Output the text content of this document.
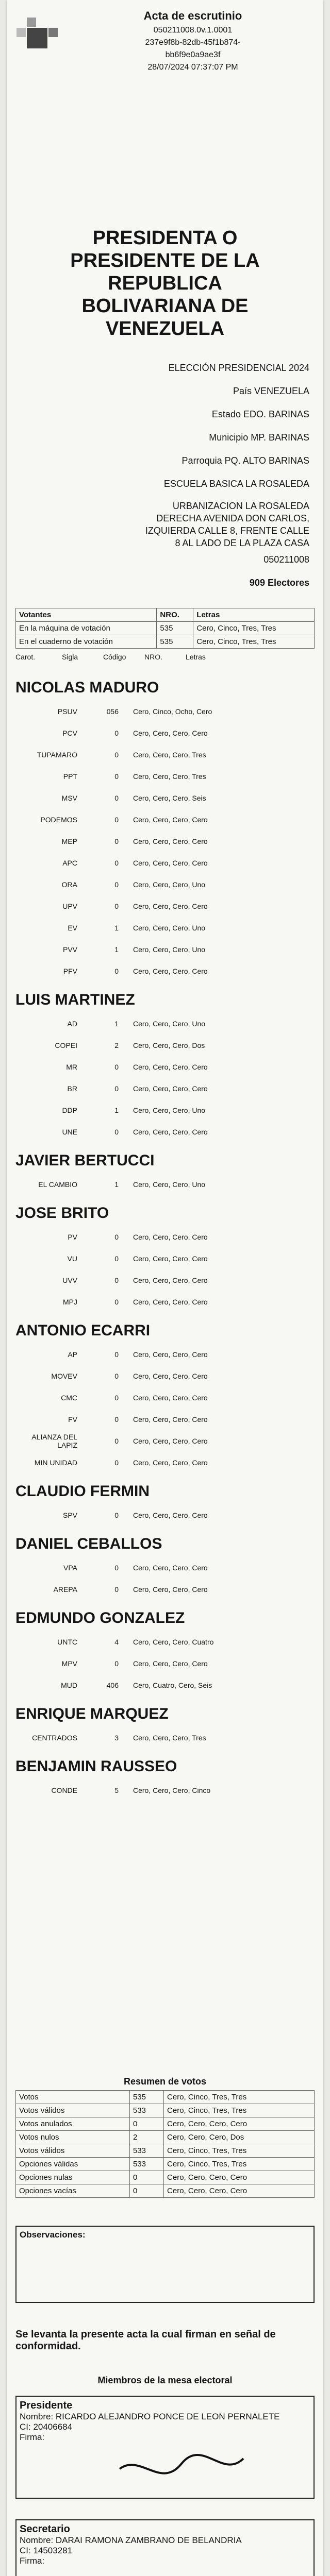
Acta de escrutinio
050211008.0v.1.0001
237e9f8b-82db-45f1b874-
bb6f9e0a9ae3f
28/07/2024 07:37:07 PM
PRESIDENTA O
PRESIDENTE DE LA
REPUBLICA
BOLIVARIANA DE
VENEZUELA
ELECCIÓN PRESIDENCIAL 2024
País VENEZUELA
Estado EDO. BARINAS
Municipio MP. BARINAS
Parroquia PQ. ALTO BARINAS
ESCUELA BASICA LA ROSALEDA
URBANIZACION LA ROSALEDA
DERECHA AVENIDA DON CARLOS,
IZQUIERDA CALLE 8, FRENTE CALLE
8 AL LADO DE LA PLAZA CASA
050211008
909 Electores
Votantes	NRO.	Letras
En la máquina de votación	535	Cero, Cinco, Tres, Tres
En el cuaderno de votación	535	Cero, Cinco, Tres, Tres
Carot.	Sigla	Código	NRO.	Letras
NICOLAS MADURO
PSUV	056	Cero, Cinco, Ocho, Cero
PCV	0	Cero, Cero, Cero, Cero
TUPAMARO	0	Cero, Cero, Cero, Tres
PPT	0	Cero, Cero, Cero, Tres
MSV	0	Cero, Cero, Cero, Seis
PODEMOS	0	Cero, Cero, Cero, Cero
MEP	0	Cero, Cero, Cero, Cero
APC	0	Cero, Cero, Cero, Cero
ORA	0	Cero, Cero, Cero, Uno
UPV	0	Cero, Cero, Cero, Cero
EV	1	Cero, Cero, Cero, Uno
PVV	1	Cero, Cero, Cero, Uno
PFV	0	Cero, Cero, Cero, Cero
LUIS MARTINEZ
AD	1	Cero, Cero, Cero, Uno
COPEI	2	Cero, Cero, Cero, Dos
MR	0	Cero, Cero, Cero, Cero
BR	0	Cero, Cero, Cero, Cero
DDP	1	Cero, Cero, Cero, Uno
UNE	0	Cero, Cero, Cero, Cero
JAVIER BERTUCCI
EL CAMBIO	1	Cero, Cero, Cero, Uno
JOSE BRITO
PV	0	Cero, Cero, Cero, Cero
VU	0	Cero, Cero, Cero, Cero
UVV	0	Cero, Cero, Cero, Cero
MPJ	0	Cero, Cero, Cero, Cero
ANTONIO ECARRI
AP	0	Cero, Cero, Cero, Cero
MOVEV	0	Cero, Cero, Cero, Cero
CMC	0	Cero, Cero, Cero, Cero
FV	0	Cero, Cero, Cero, Cero
ALIANZA DEL LAPIZ	0	Cero, Cero, Cero, Cero
MIN UNIDAD	0	Cero, Cero, Cero, Cero
CLAUDIO FERMIN
SPV	0	Cero, Cero, Cero, Cero
DANIEL CEBALLOS
VPA	0	Cero, Cero, Cero, Cero
AREPA	0	Cero, Cero, Cero, Cero
EDMUNDO GONZALEZ
UNTC	4	Cero, Cero, Cero, Cuatro
MPV	0	Cero, Cero, Cero, Cero
MUD	406	Cero, Cuatro, Cero, Seis
ENRIQUE MARQUEZ
CENTRADOS	3	Cero, Cero, Cero, Tres
BENJAMIN RAUSSEO
CONDE	5	Cero, Cero, Cero, Cinco
Resumen de votos
Votos	535	Cero, Cinco, Tres, Tres
Votos válidos	533	Cero, Cinco, Tres, Tres
Votos anulados	0	Cero, Cero, Cero, Cero
Votos nulos	2	Cero, Cero, Cero, Dos
Votos válidos	533	Cero, Cinco, Tres, Tres
Opciones válidas	533	Cero, Cinco, Tres, Tres
Opciones nulas	0	Cero, Cero, Cero, Cero
Opciones vacías	0	Cero, Cero, Cero, Cero
Observaciones:
Se levanta la presente acta la cual firman en señal de conformidad.
Miembros de la mesa electoral
Presidente
Nombre: RICARDO ALEJANDRO PONCE DE LEON PERNALETE
CI: 20406684
Firma:
Secretario
Nombre: DARAI RAMONA ZAMBRANO DE BELANDRIA
CI: 14503281
Firma:
